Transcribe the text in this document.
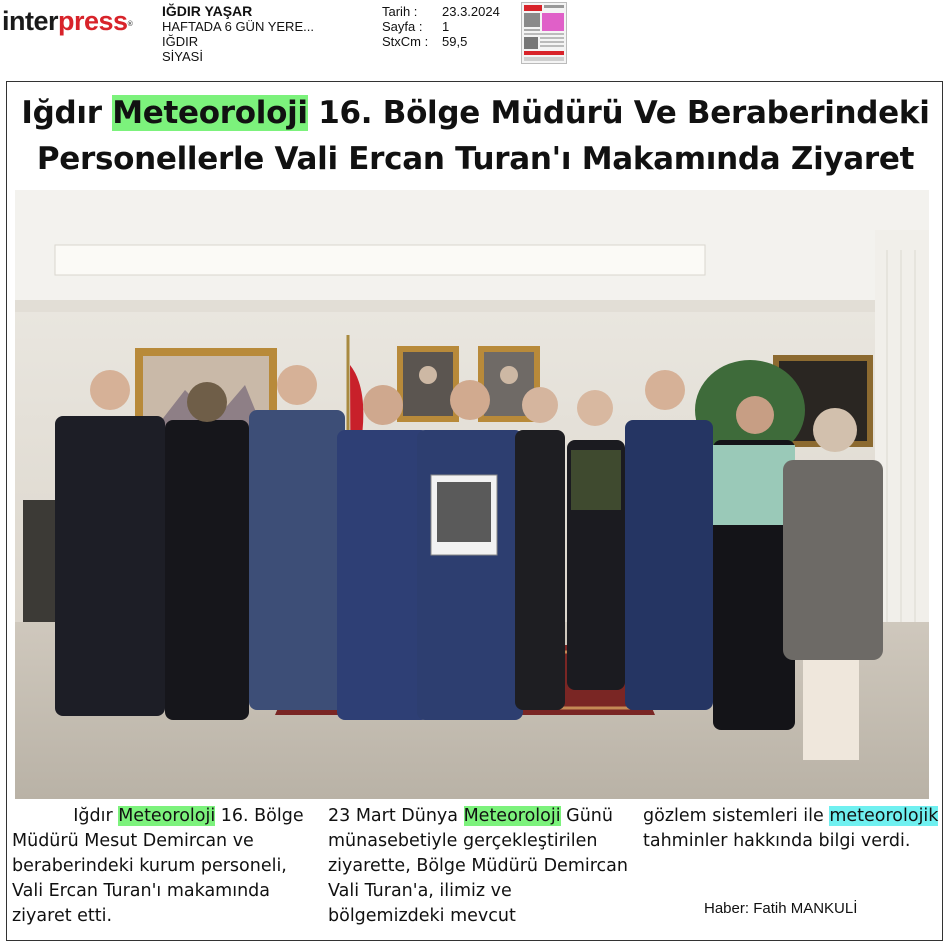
interpress®
IĞDIR YAŞAR
HAFTADA 6 GÜN YERE...
IĞDIR
SİYASİ
Tarih :	23.3.2024
Sayfa :	1
StxCm :	59,5
Iğdır Meteoroloji 16. Bölge Müdürü Ve Beraberindeki
Personellerle Vali Ercan Turan'ı Makamında Ziyaret
Iğdır Meteoroloji 16. Bölge Müdürü Mesut Demircan ve beraberindeki kurum personeli, Vali Ercan Turan'ı makamında ziyaret etti.
23 Mart Dünya Meteoroloji Günü münasebetiyle gerçekleştirilen ziyarette, Bölge Müdürü Demircan Vali Turan'a, ilimiz ve bölgemizdeki mevcut
gözlem sistemleri ile meteorolojik tahminler hakkında bilgi verdi.
Haber: Fatih MANKULİ
